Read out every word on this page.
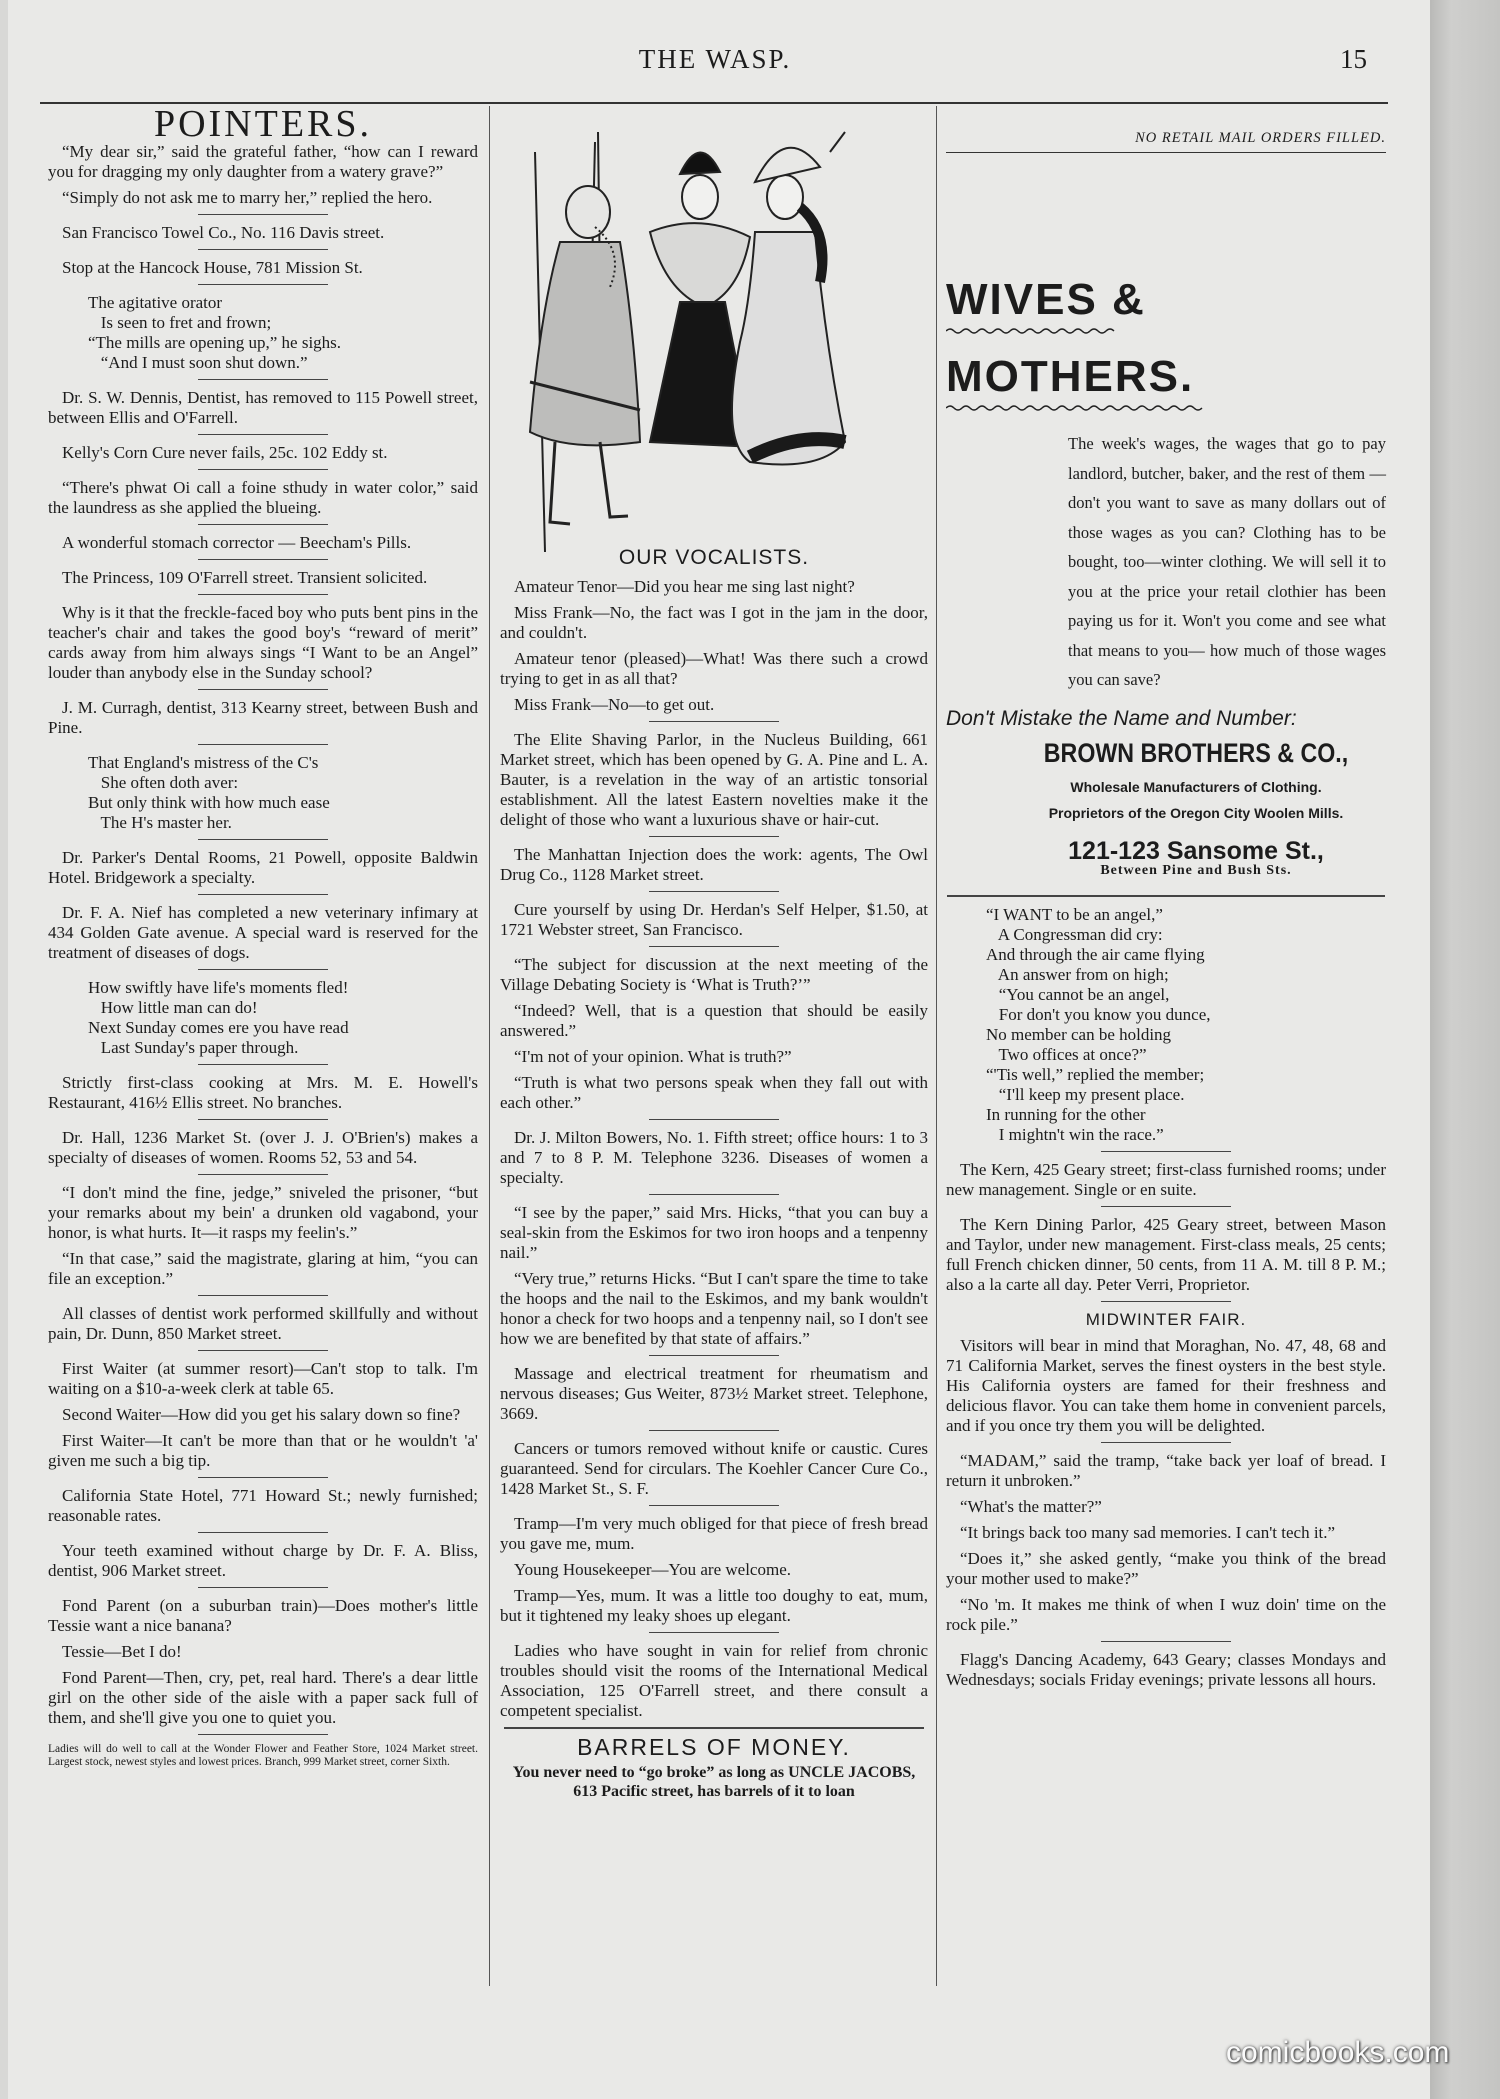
THE WASP.	15
POINTERS.

“My dear sir,” said the grateful father, “how can I reward you for dragging my only daughter from a watery grave?”

“Simply do not ask me to marry her,” replied the hero.

San Francisco Towel Co., No. 116 Davis street.

Stop at the Hancock House, 781 Mission St.

The agitative orator
Is seen to fret and frown;
“The mills are opening up,” he sighs.
“And I must soon shut down.”

Dr. S. W. Dennis, Dentist, has removed to 115 Powell street, between Ellis and O'Farrell.

Kelly's Corn Cure never fails, 25c. 102 Eddy st.

“There's phwat Oi call a foine sthudy in water color,” said the laundress as she applied the blueing.

A wonderful stomach corrector — Beecham's Pills.

The Princess, 109 O'Farrell street. Transient solicited.

Why is it that the freckle-faced boy who puts bent pins in the teacher's chair and takes the good boy's “reward of merit” cards away from him always sings “I Want to be an Angel” louder than anybody else in the Sunday school?

J. M. Curragh, dentist, 313 Kearny street, between Bush and Pine.

That England's mistress of the C's
She often doth aver:
But only think with how much ease
The H's master her.

Dr. Parker's Dental Rooms, 21 Powell, opposite Baldwin Hotel. Bridgework a specialty.

Dr. F. A. Nief has completed a new veterinary infimary at 434 Golden Gate avenue. A special ward is reserved for the treatment of diseases of dogs.

How swiftly have life's moments fled!
How little man can do!
Next Sunday comes ere you have read
Last Sunday's paper through.

Strictly first-class cooking at Mrs. M. E. Howell's Restaurant, 416½ Ellis street. No branches.

Dr. Hall, 1236 Market St. (over J. J. O'Brien's) makes a specialty of diseases of women. Rooms 52, 53 and 54.

“I don't mind the fine, jedge,” sniveled the prisoner, “but your remarks about my bein' a drunken old vagabond, your honor, is what hurts. It—it rasps my feelin's.”

“In that case,” said the magistrate, glaring at him, “you can file an exception.”

All classes of dentist work performed skillfully and without pain, Dr. Dunn, 850 Market street.

First Waiter (at summer resort)—Can't stop to talk. I'm waiting on a $10-a-week clerk at table 65.

Second Waiter—How did you get his salary down so fine?

First Waiter—It can't be more than that or he wouldn't 'a' given me such a big tip.

California State Hotel, 771 Howard St.; newly furnished; reasonable rates.

Your teeth examined without charge by Dr. F. A. Bliss, dentist, 906 Market street.

Fond Parent (on a suburban train)—Does mother's little Tessie want a nice banana?

Tessie—Bet I do!

Fond Parent—Then, cry, pet, real hard. There's a dear little girl on the other side of the aisle with a paper sack full of them, and she'll give you one to quiet you.

Ladies will do well to call at the Wonder Flower and Feather Store, 1024 Market street. Largest stock, newest styles and lowest prices. Branch, 999 Market street, corner Sixth.

OUR VOCALISTS.

Amateur Tenor—Did you hear me sing last night?

Miss Frank—No, the fact was I got in the jam in the door, and couldn't.

Amateur tenor (pleased)—What! Was there such a crowd trying to get in as all that?

Miss Frank—No—to get out.

The Elite Shaving Parlor, in the Nucleus Building, 661 Market street, which has been opened by G. A. Pine and L. A. Bauter, is a revelation in the way of an artistic tonsorial establishment. All the latest Eastern novelties make it the delight of those who want a luxurious shave or hair-cut.

The Manhattan Injection does the work: agents, The Owl Drug Co., 1128 Market street.

Cure yourself by using Dr. Herdan's Self Helper, $1.50, at 1721 Webster street, San Francisco.

“The subject for discussion at the next meeting of the Village Debating Society is ‘What is Truth?’”

“Indeed? Well, that is a question that should be easily answered.”

“I'm not of your opinion. What is truth?”

“Truth is what two persons speak when they fall out with each other.”

Dr. J. Milton Bowers, No. 1. Fifth street; office hours: 1 to 3 and 7 to 8 P. M. Telephone 3236. Diseases of women a specialty.

“I see by the paper,” said Mrs. Hicks, “that you can buy a seal-skin from the Eskimos for two iron hoops and a tenpenny nail.”

“Very true,” returns Hicks. “But I can't spare the time to take the hoops and the nail to the Eskimos, and my bank wouldn't honor a check for two hoops and a tenpenny nail, so I don't see how we are benefited by that state of affairs.”

Massage and electrical treatment for rheumatism and nervous diseases; Gus Weiter, 873½ Market street. Telephone, 3669.

Cancers or tumors removed without knife or caustic. Cures guaranteed. Send for circulars. The Koehler Cancer Cure Co., 1428 Market St., S. F.

Tramp—I'm very much obliged for that piece of fresh bread you gave me, mum.

Young Housekeeper—You are welcome.

Tramp—Yes, mum. It was a little too doughy to eat, mum, but it tightened my leaky shoes up elegant.

Ladies who have sought in vain for relief from chronic troubles should visit the rooms of the International Medical Association, 125 O'Farrell street, and there consult a competent specialist.

BARRELS OF MONEY.
You never need to “go broke” as long as UNCLE JACOBS, 613 Pacific street, has barrels of it to loan
NO RETAIL MAIL ORDERS FILLED.
WIVES &
MOTHERS.
The week's wages, the wages that go to pay landlord, butcher, baker, and the rest of them — don't you want to save as many dollars out of those wages as you can? Clothing has to be bought, too—winter clothing. We will sell it to you at the price your retail clothier has been paying us for it. Won't you come and see what that means to you— how much of those wages you can save?
Don't Mistake the Name and Number:
BROWN BROTHERS & CO.,
Wholesale Manufacturers of Clothing.
Proprietors of the Oregon City Woolen Mills.
121-123 Sansome St.,
Between Pine and Bush Sts.
“I WANT to be an angel,”
A Congressman did cry:
And through the air came flying
An answer from on high;
“You cannot be an angel,
For don't you know you dunce,
No member can be holding
Two offices at once?”
“'Tis well,” replied the member;
“I'll keep my present place.
In running for the other
I mightn't win the race.”

The Kern, 425 Geary street; first-class furnished rooms; under new management. Single or en suite.

The Kern Dining Parlor, 425 Geary street, between Mason and Taylor, under new management. First-class meals, 25 cents; full French chicken dinner, 50 cents, from 11 A. M. till 8 P. M.; also a la carte all day. Peter Verri, Proprietor.

MIDWINTER FAIR.

Visitors will bear in mind that Moraghan, No. 47, 48, 68 and 71 California Market, serves the finest oysters in the best style. His California oysters are famed for their freshness and delicious flavor. You can take them home in convenient parcels, and if you once try them you will be delighted.

“MADAM,” said the tramp, “take back yer loaf of bread. I return it unbroken.”

“What's the matter?”

“It brings back too many sad memories. I can't tech it.”

“Does it,” she asked gently, “make you think of the bread your mother used to make?”

“No 'm. It makes me think of when I wuz doin' time on the rock pile.”

Flagg's Dancing Academy, 643 Geary; classes Mondays and Wednesdays; socials Friday evenings; private lessons all hours.

comicbooks.com
